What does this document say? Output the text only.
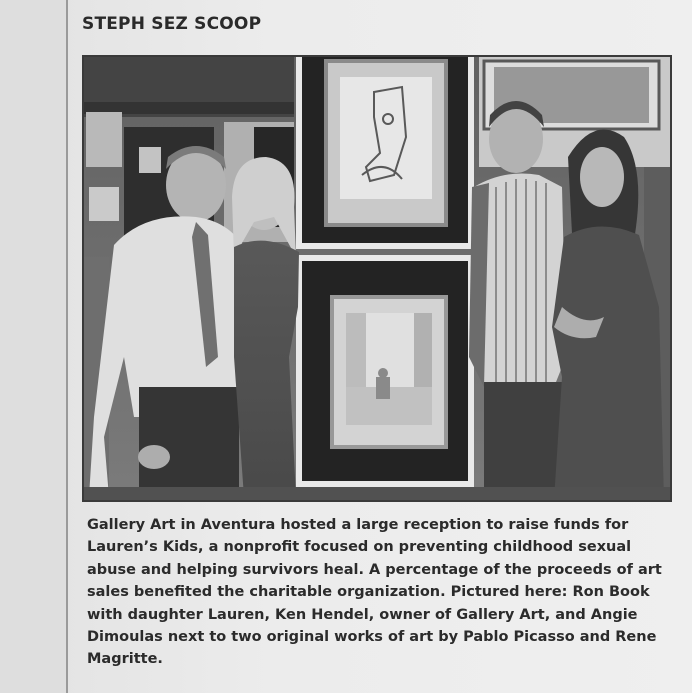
STEPH SEZ SCOOP
Gallery Art in Aventura hosted a large reception to raise funds for Lauren’s Kids, a nonprofit focused on preventing childhood sexual abuse and helping survivors heal. A percentage of the proceeds of art sales benefited the charitable organization. Pictured here: Ron Book with daughter Lauren, Ken Hendel, owner of Gallery Art, and Angie Dimoulas next to two original works of art by Pablo Picasso and Rene Magritte.
